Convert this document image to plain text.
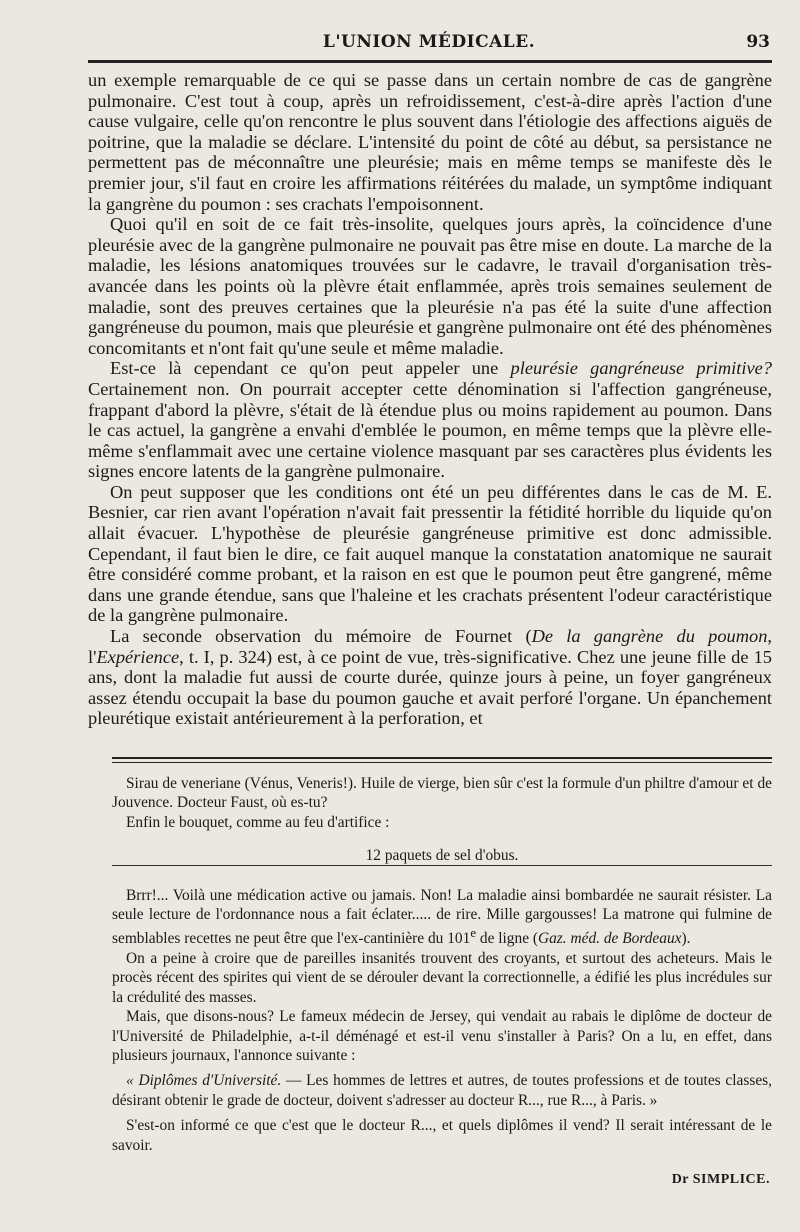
L'UNION MÉDICALE.	93

un exemple remarquable de ce qui se passe dans un certain nombre de cas de gangrène pulmonaire. C'est tout à coup, après un refroidissement, c'est-à-dire après l'action d'une cause vulgaire, celle qu'on rencontre le plus souvent dans l'étiologie des affections aiguës de poitrine, que la maladie se déclare. L'intensité du point de côté au début, sa persistance ne permettent pas de méconnaître une pleurésie; mais en même temps se manifeste dès le premier jour, s'il faut en croire les affirmations réitérées du malade, un symptôme indiquant la gangrène du poumon : ses crachats l'empoisonnent.

Quoi qu'il en soit de ce fait très-insolite, quelques jours après, la coïncidence d'une pleurésie avec de la gangrène pulmonaire ne pouvait pas être mise en doute. La marche de la maladie, les lésions anatomiques trouvées sur le cadavre, le travail d'organisation très-avancée dans les points où la plèvre était enflammée, après trois semaines seulement de maladie, sont des preuves certaines que la pleurésie n'a pas été la suite d'une affection gangréneuse du poumon, mais que pleurésie et gangrène pulmonaire ont été des phénomènes concomitants et n'ont fait qu'une seule et même maladie.

Est-ce là cependant ce qu'on peut appeler une pleurésie gangréneuse primitive? Certainement non. On pourrait accepter cette dénomination si l'affection gangréneuse, frappant d'abord la plèvre, s'était de là étendue plus ou moins rapidement au poumon. Dans le cas actuel, la gangrène a envahi d'emblée le poumon, en même temps que la plèvre elle-même s'enflammait avec une certaine violence masquant par ses caractères plus évidents les signes encore latents de la gangrène pulmonaire.

On peut supposer que les conditions ont été un peu différentes dans le cas de M. E. Besnier, car rien avant l'opération n'avait fait pressentir la fétidité horrible du liquide qu'on allait évacuer. L'hypothèse de pleurésie gangréneuse primitive est donc admissible. Cependant, il faut bien le dire, ce fait auquel manque la constatation anatomique ne saurait être considéré comme probant, et la raison en est que le poumon peut être gangrené, même dans une grande étendue, sans que l'haleine et les crachats présentent l'odeur caractéristique de la gangrène pulmonaire.

La seconde observation du mémoire de Fournet (De la gangrène du poumon, l'Expérience, t. I, p. 324) est, à ce point de vue, très-significative. Chez une jeune fille de 15 ans, dont la maladie fut aussi de courte durée, quinze jours à peine, un foyer gangréneux assez étendu occupait la base du poumon gauche et avait perforé l'organe. Un épanchement pleurétique existait antérieurement à la perforation, et

Sirau de veneriane (Vénus, Veneris!). Huile de vierge, bien sûr c'est la formule d'un philtre d'amour et de Jouvence. Docteur Faust, où es-tu?

Enfin le bouquet, comme au feu d'artifice :

12 paquets de sel d'obus.

Brrr!... Voilà une médication active ou jamais. Non! La maladie ainsi bombardée ne saurait résister. La seule lecture de l'ordonnance nous a fait éclater..... de rire. Mille gargousses! La matrone qui fulmine de semblables recettes ne peut être que l'ex-cantinière du 101e de ligne (Gaz. méd. de Bordeaux).

On a peine à croire que de pareilles insanités trouvent des croyants, et surtout des acheteurs. Mais le procès récent des spirites qui vient de se dérouler devant la correctionnelle, a édifié les plus incrédules sur la crédulité des masses.

Mais, que disons-nous? Le fameux médecin de Jersey, qui vendait au rabais le diplôme de docteur de l'Université de Philadelphie, a-t-il déménagé et est-il venu s'installer à Paris? On a lu, en effet, dans plusieurs journaux, l'annonce suivante :

« Diplômes d'Université. — Les hommes de lettres et autres, de toutes professions et de toutes classes, désirant obtenir le grade de docteur, doivent s'adresser au docteur R..., rue R..., à Paris. »

S'est-on informé ce que c'est que le docteur R..., et quels diplômes il vend? Il serait intéressant de le savoir.

Dr SIMPLICE.
